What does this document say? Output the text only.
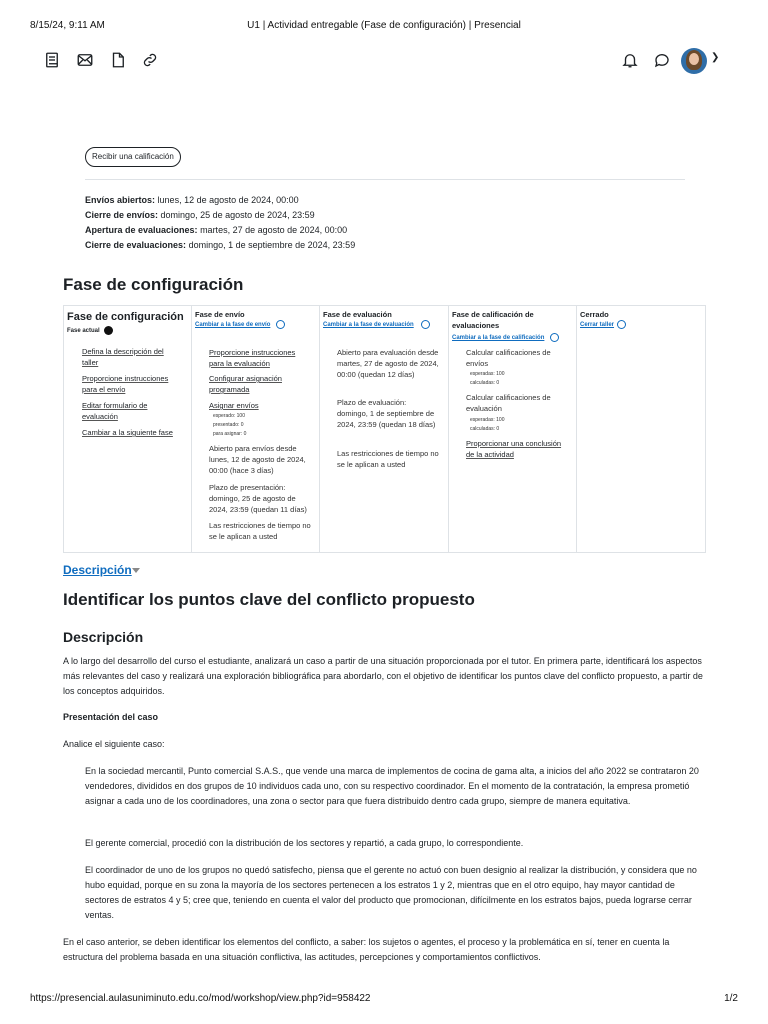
8/15/24, 9:11 AM	U1 | Actividad entregable (Fase de configuración) | Presencial
❯
Recibir una calificación
Envíos abiertos: lunes, 12 de agosto de 2024, 00:00
Cierre de envíos: domingo, 25 de agosto de 2024, 23:59
Apertura de evaluaciones: martes, 27 de agosto de 2024, 00:00
Cierre de evaluaciones: domingo, 1 de septiembre de 2024, 23:59
Fase de configuración
Fase de configuración
Fase actual
Defina la descripción del taller
Proporcione instrucciones para el envío
Editar formulario de evaluación
Cambiar a la siguiente fase
Fase de envío
Cambiar a la fase de envío
Proporcione instrucciones para la evaluación
Configurar asignación programada
Asignar envíos
esperado: 100
presentado: 0
para asignar: 0
Abierto para envíos desde lunes, 12 de agosto de 2024, 00:00 (hace 3 días)
Plazo de presentación: domingo, 25 de agosto de 2024, 23:59 (quedan 11 días)
Las restricciones de tiempo no se le aplican a usted
Fase de evaluación
Cambiar a la fase de evaluación
Abierto para evaluación desde martes, 27 de agosto de 2024, 00:00 (quedan 12 días)
Plazo de evaluación: domingo, 1 de septiembre de 2024, 23:59 (quedan 18 días)
Las restricciones de tiempo no se le aplican a usted
Fase de calificación de evaluaciones
Cambiar a la fase de calificación
Calcular calificaciones de envíos
esperadas: 100
calculadas: 0
Calcular calificaciones de evaluación
esperadas: 100
calculadas: 0
Proporcionar una conclusión de la actividad
Cerrado
Cerrar taller
Descripción
Identificar los puntos clave del conflicto propuesto
Descripción
A lo largo del desarrollo del curso el estudiante, analizará un caso a partir de una situación proporcionada por el tutor. En primera parte, identificará los aspectos más relevantes del caso y realizará una exploración bibliográfica para abordarlo, con el objetivo de identificar los puntos clave del conflicto propuesto, a partir de los conceptos adquiridos.
Presentación del caso
Analice el siguiente caso:
En la sociedad mercantil, Punto comercial S.A.S., que vende una marca de implementos de cocina de gama alta, a inicios del año 2022 se contrataron 20 vendedores, divididos en dos grupos de 10 individuos cada uno, con su respectivo coordinador. En el momento de la contratación, la empresa prometió asignar a cada uno de los coordinadores, una zona o sector para que fuera distribuido dentro cada grupo, siempre de manera equitativa.
El gerente comercial, procedió con la distribución de los sectores y repartió, a cada grupo, lo correspondiente.
El coordinador de uno de los grupos no quedó satisfecho, piensa que el gerente no actuó con buen designio al realizar la distribución, y considera que no hubo equidad, porque en su zona la mayoría de los sectores pertenecen a los estratos 1 y 2, mientras que en el otro equipo, hay mayor cantidad de sectores de estratos 4 y 5; cree que, teniendo en cuenta el valor del producto que promocionan, difícilmente en los estratos bajos, pueda lograrse cerrar ventas.
En el caso anterior, se deben identificar los elementos del conflicto, a saber: los sujetos o agentes, el proceso y la problemática en sí, tener en cuenta la estructura del problema basada en una situación conflictiva, las actitudes, percepciones y comportamientos conflictivos.
https://presencial.aulasuniminuto.edu.co/mod/workshop/view.php?id=958422	1/2
